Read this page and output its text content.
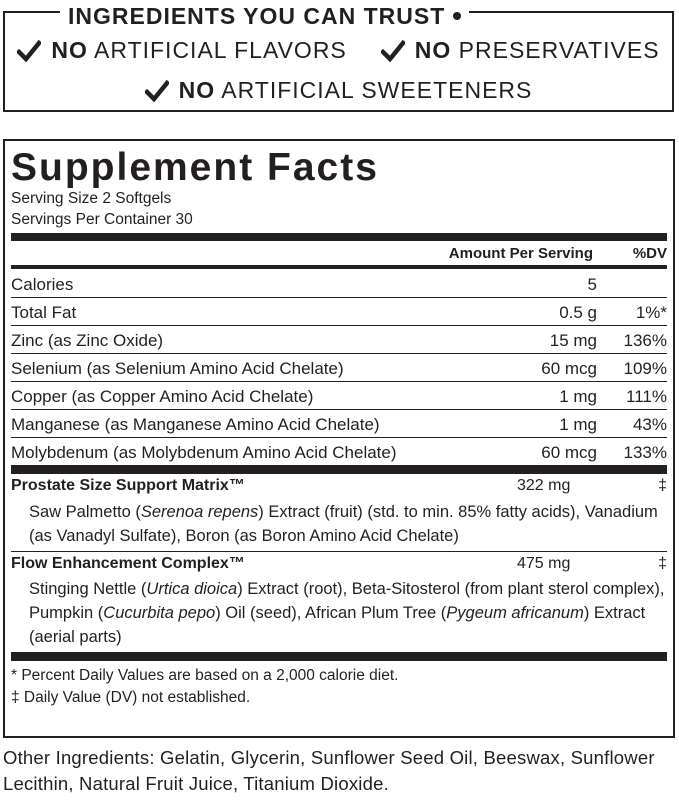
INGREDIENTS YOU CAN TRUST
NO ARTIFICIAL FLAVORS	NO PRESERVATIVES
NO ARTIFICIAL SWEETENERS
Supplement Facts
Serving Size 2 Softgels
Servings Per Container 30
Amount Per Serving	%DV
Calories	5
Total Fat	0.5 g	1%*
Zinc (as Zinc Oxide)	15 mg	136%
Selenium (as Selenium Amino Acid Chelate)	60 mcg	109%
Copper (as Copper Amino Acid Chelate)	1 mg	111%
Manganese (as Manganese Amino Acid Chelate)	1 mg	43%
Molybdenum (as Molybdenum Amino Acid Chelate)	60 mcg	133%
Prostate Size Support Matrix™	322 mg	‡
Saw Palmetto (Serenoa repens) Extract (fruit) (std. to min. 85% fatty acids), Vanadium (as Vanadyl Sulfate), Boron (as Boron Amino Acid Chelate)
Flow Enhancement Complex™	475 mg	‡
Stinging Nettle (Urtica dioica) Extract (root), Beta-Sitosterol (from plant sterol complex), Pumpkin (Cucurbita pepo) Oil (seed), African Plum Tree (Pygeum africanum) Extract (aerial parts)
* Percent Daily Values are based on a 2,000 calorie diet.
‡ Daily Value (DV) not established.
Other Ingredients: Gelatin, Glycerin, Sunflower Seed Oil, Beeswax, Sunflower Lecithin, Natural Fruit Juice, Titanium Dioxide.
